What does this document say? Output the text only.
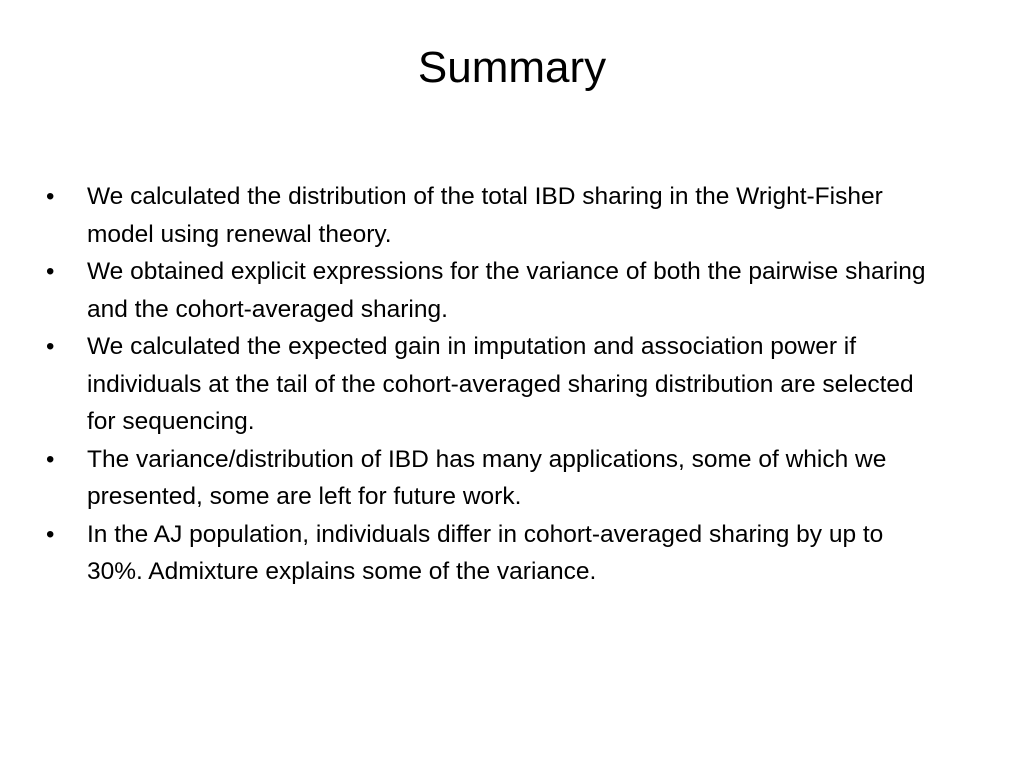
Summary
• We calculated the distribution of the total IBD sharing in the Wright-Fisher model using renewal theory.
• We obtained explicit expressions for the variance of both the pairwise sharing and the cohort-averaged sharing.
• We calculated the expected gain in imputation and association power if individuals at the tail of the cohort-averaged sharing distribution are selected for sequencing.
• The variance/distribution of IBD has many applications, some of which we presented, some are left for future work.
• In the AJ population, individuals differ in cohort-averaged sharing by up to 30%. Admixture explains some of the variance.
